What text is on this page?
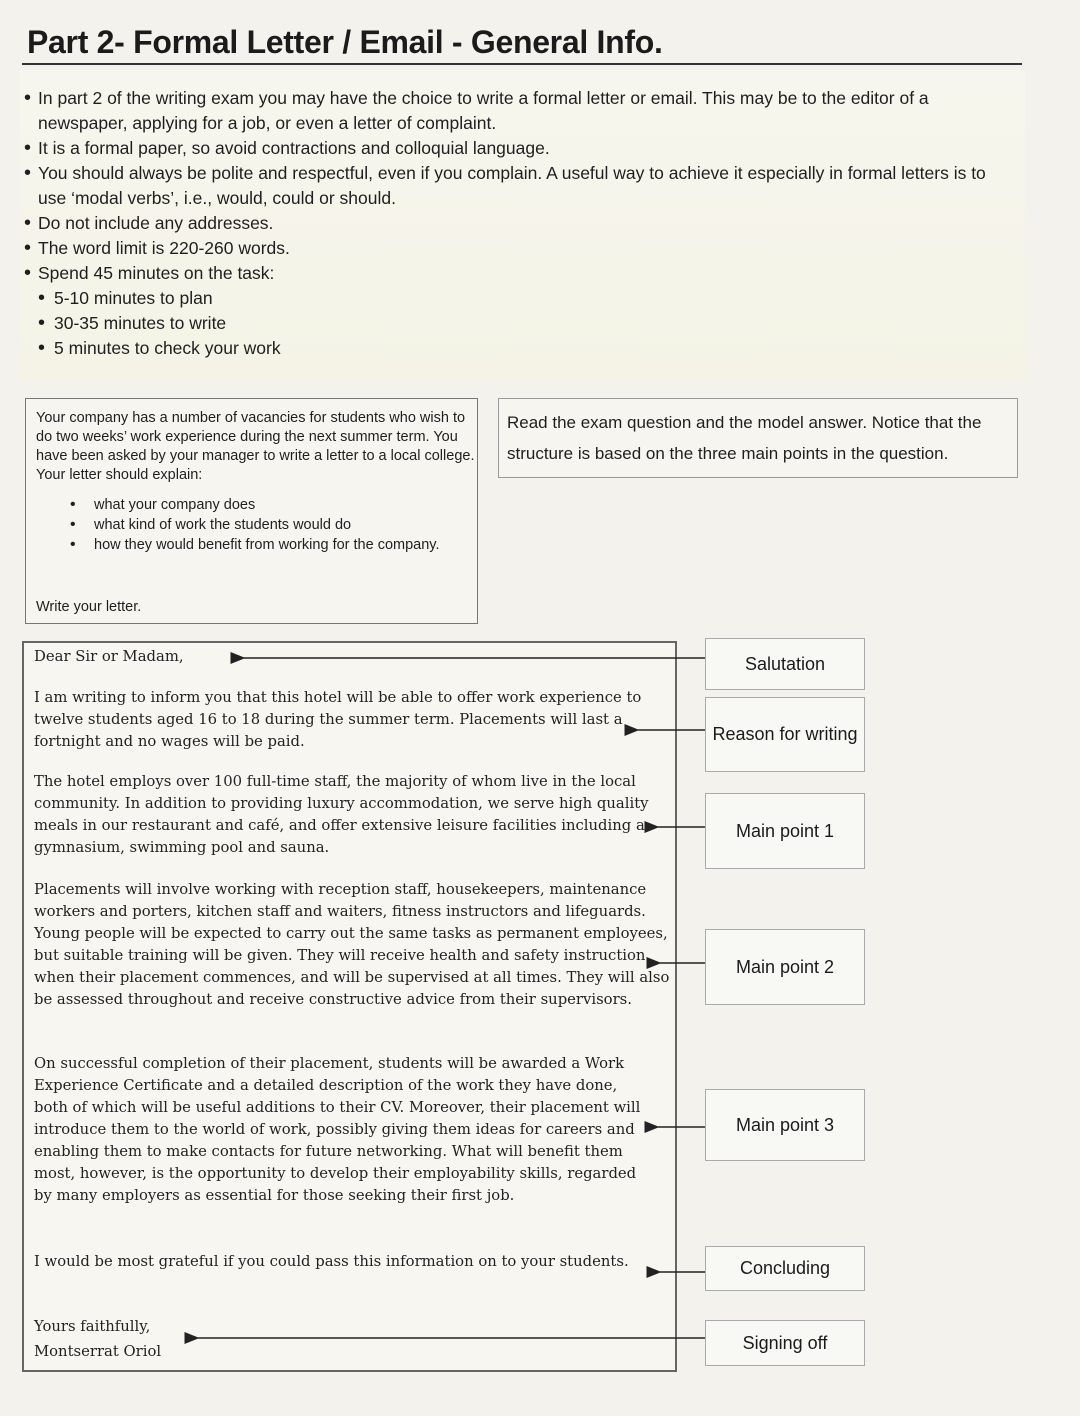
Part 2- Formal Letter / Email - General Info.
• In part 2 of the writing exam you may have the choice to write a formal letter or email. This may be to the editor of a newspaper, applying for a job, or even a letter of complaint.
• It is a formal paper, so avoid contractions and colloquial language.
• You should always be polite and respectful, even if you complain. A useful way to achieve it especially in formal letters is to use ‘modal verbs’, i.e., would, could or should.
• Do not include any addresses.
• The word limit is 220-260 words.
• Spend 45 minutes on the task:
• 5-10 minutes to plan
• 30-35 minutes to write
• 5 minutes to check your work

Your company has a number of vacancies for students who wish to do two weeks’ work experience during the next summer term. You have been asked by your manager to write a letter to a local college. Your letter should explain:

• what your company does
• what kind of work the students would do
• how they would benefit from working for the company.
Write your letter.
Read the exam question and the model answer. Notice that the structure is based on the three main points in the question.

Dear Sir or Madam,

I am writing to inform you that this hotel will be able to offer work experience to twelve students aged 16 to 18 during the summer term. Placements will last a fortnight and no wages will be paid.

The hotel employs over 100 full-time staff, the majority of whom live in the local community. In addition to providing luxury accommodation, we serve high quality meals in our restaurant and café, and offer extensive leisure facilities including a gymnasium, swimming pool and sauna.

Placements will involve working with reception staff, housekeepers, maintenance workers and porters, kitchen staff and waiters, fitness instructors and lifeguards. Young people will be expected to carry out the same tasks as permanent employees, but suitable training will be given. They will receive health and safety instruction when their placement commences, and will be supervised at all times. They will also be assessed throughout and receive constructive advice from their supervisors.

On successful completion of their placement, students will be awarded a Work Experience Certificate and a detailed description of the work they have done, both of which will be useful additions to their CV. Moreover, their placement will introduce them to the world of work, possibly giving them ideas for careers and enabling them to make contacts for future networking. What will benefit them most, however, is the opportunity to develop their employability skills, regarded by many employers as essential for those seeking their first job.

I would be most grateful if you could pass this information on to your students.

Yours faithfully,

Montserrat Oriol

Salutation
Reason for writing
Main point 1
Main point 2
Main point 3
Concluding
Signing off
